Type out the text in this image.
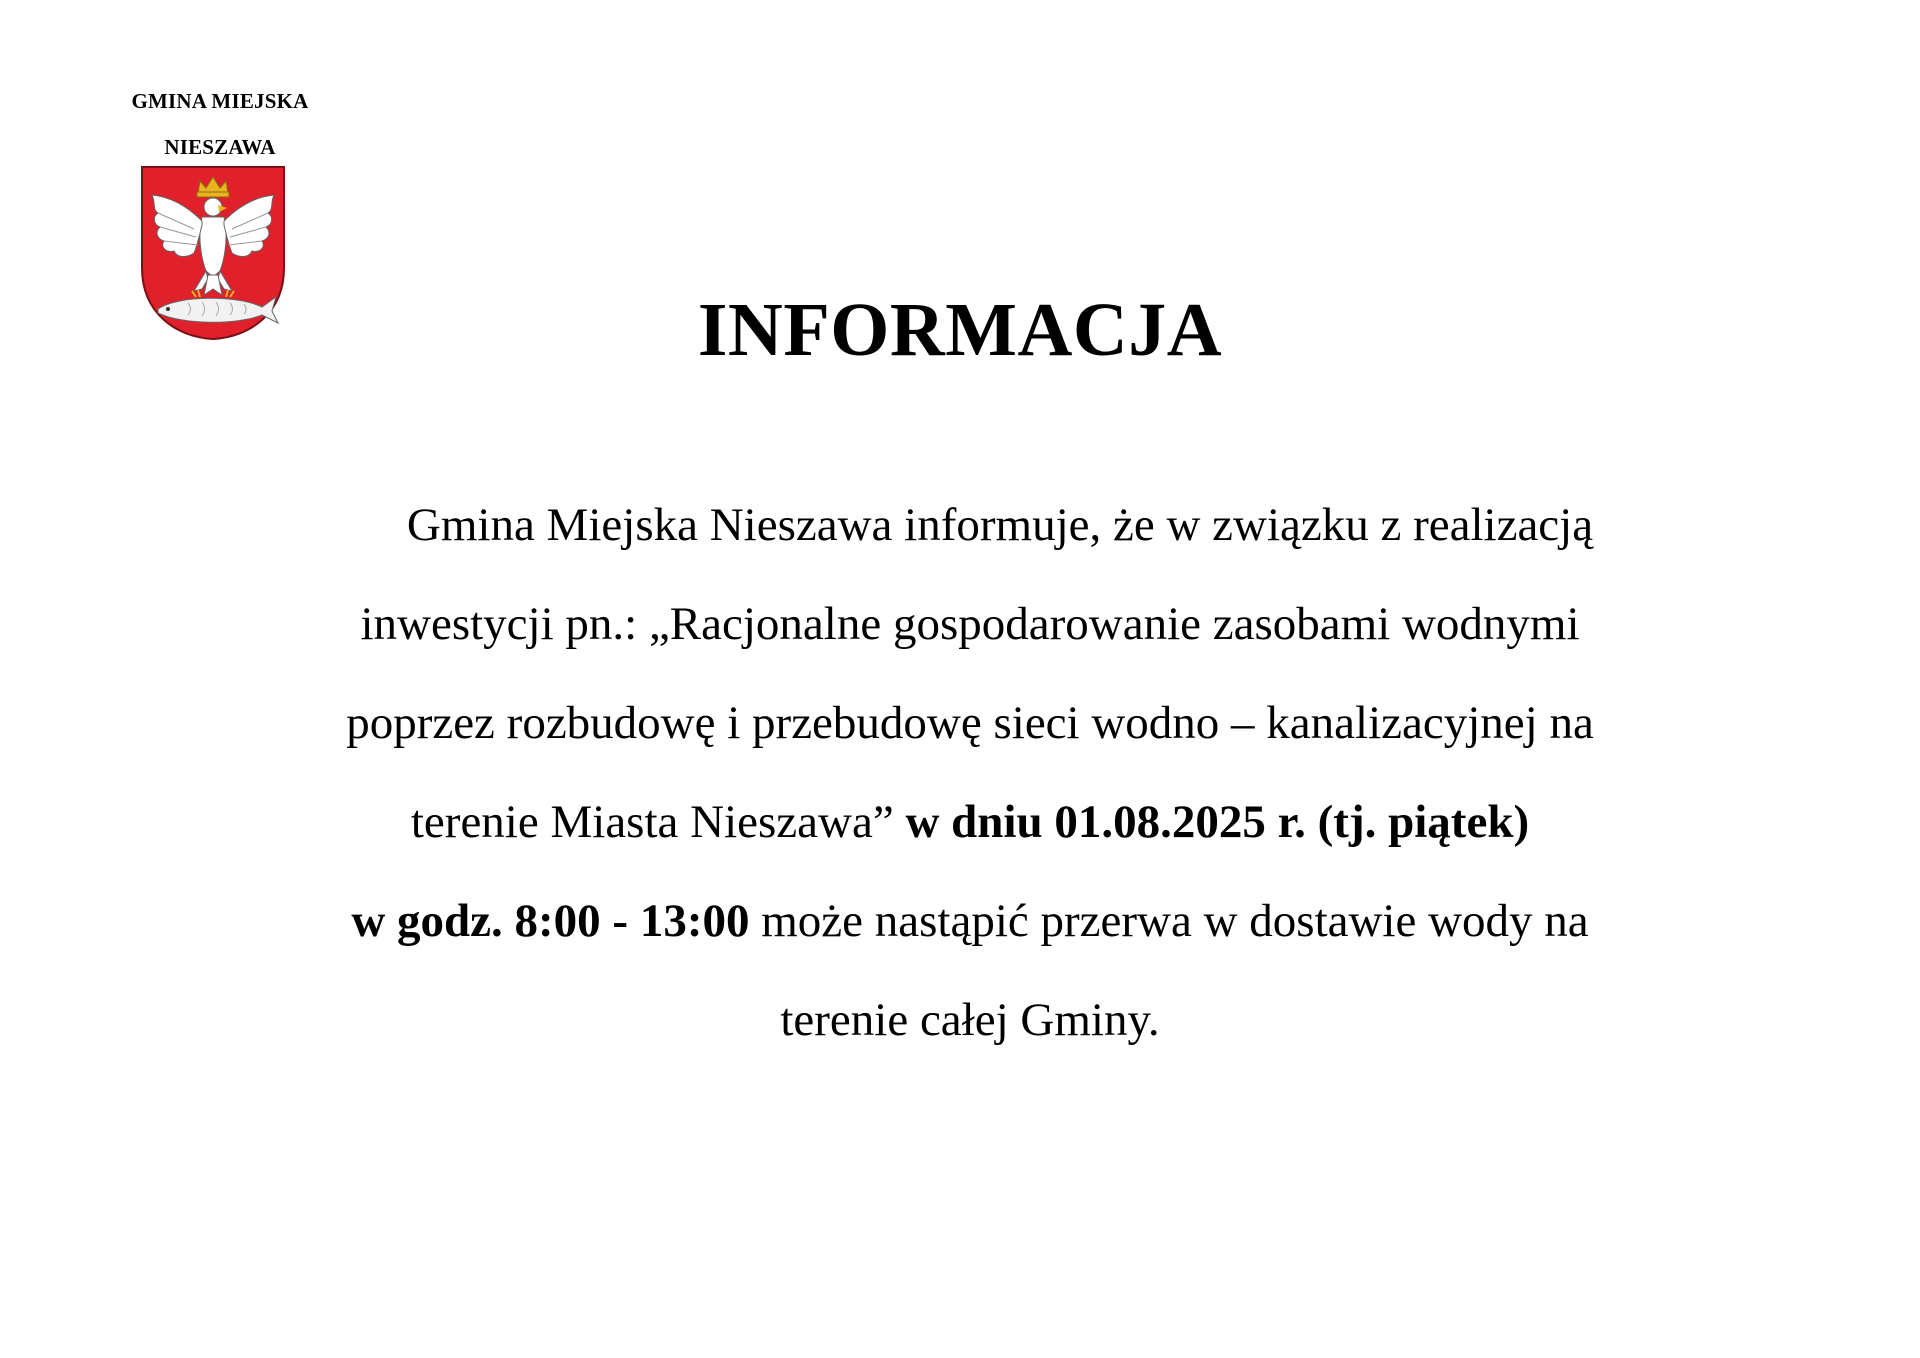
GMINA MIEJSKA
NIESZAWA
INFORMACJA
Gmina Miejska Nieszawa informuje, że w związku z realizacją
inwestycji pn.: „Racjonalne gospodarowanie zasobami wodnymi
poprzez rozbudowę i przebudowę sieci wodno – kanalizacyjnej na
terenie Miasta Nieszawa” w dniu 01.08.2025 r. (tj. piątek)
w godz. 8:00 - 13:00 może nastąpić przerwa w dostawie wody na
terenie całej Gminy.
